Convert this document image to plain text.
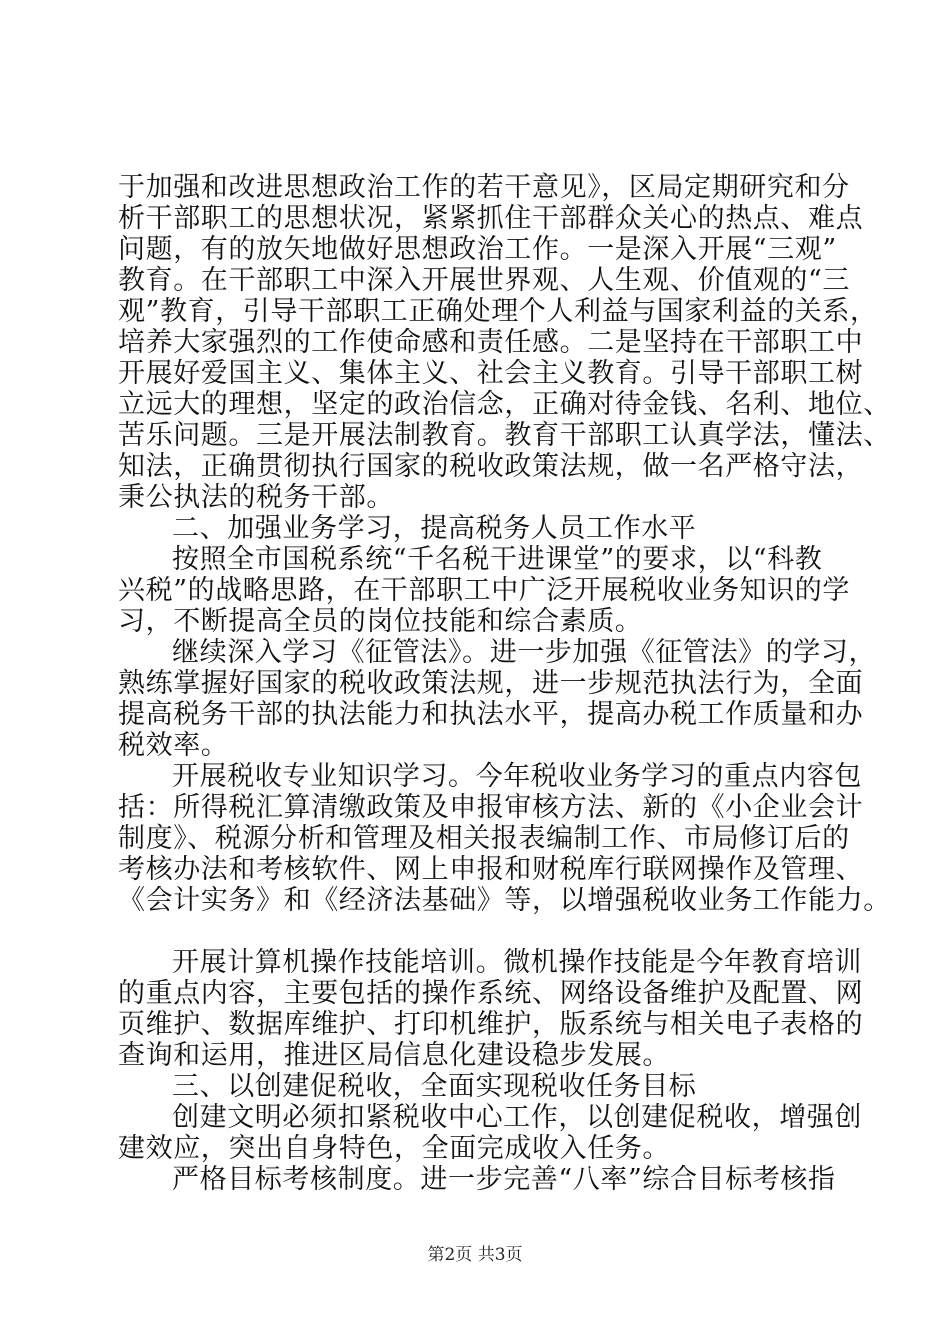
于加强和改进思想政治工作的若干意见》，区局定期研究和分
析干部职工的思想状况，紧紧抓住干部群众关心的热点、难点
问题，有的放矢地做好思想政治工作。一是深入开展“三观”
教育。在干部职工中深入开展世界观、人生观、价值观的“三
观”教育，引导干部职工正确处理个人利益与国家利益的关系，
培养大家强烈的工作使命感和责任感。二是坚持在干部职工中
开展好爱国主义、集体主义、社会主义教育。引导干部职工树
立远大的理想，坚定的政治信念，正确对待金钱、名利、地位、
苦乐问题。三是开展法制教育。教育干部职工认真学法，懂法、
知法，正确贯彻执行国家的税收政策法规，做一名严格守法，
秉公执法的税务干部。
二、加强业务学习，提高税务人员工作水平
按照全市国税系统“千名税干进课堂”的要求，以“科教
兴税”的战略思路，在干部职工中广泛开展税收业务知识的学
习，不断提高全员的岗位技能和综合素质。
继续深入学习《征管法》。进一步加强《征管法》的学习，
熟练掌握好国家的税收政策法规，进一步规范执法行为，全面
提高税务干部的执法能力和执法水平，提高办税工作质量和办
税效率。
开展税收专业知识学习。今年税收业务学习的重点内容包
括：所得税汇算清缴政策及申报审核方法、新的《小企业会计
制度》、税源分析和管理及相关报表编制工作、市局修订后的
考核办法和考核软件、网上申报和财税库行联网操作及管理、
《会计实务》和《经济法基础》等，以增强税收业务工作能力。
开展计算机操作技能培训。微机操作技能是今年教育培训
的重点内容，主要包括的操作系统、网络设备维护及配置、网
页维护、数据库维护、打印机维护，版系统与相关电子表格的
查询和运用，推进区局信息化建设稳步发展。
三、以创建促税收，全面实现税收任务目标
创建文明必须扣紧税收中心工作，以创建促税收，增强创
建效应，突出自身特色，全面完成收入任务。
严格目标考核制度。进一步完善“八率”综合目标考核指
第2页 共3页
